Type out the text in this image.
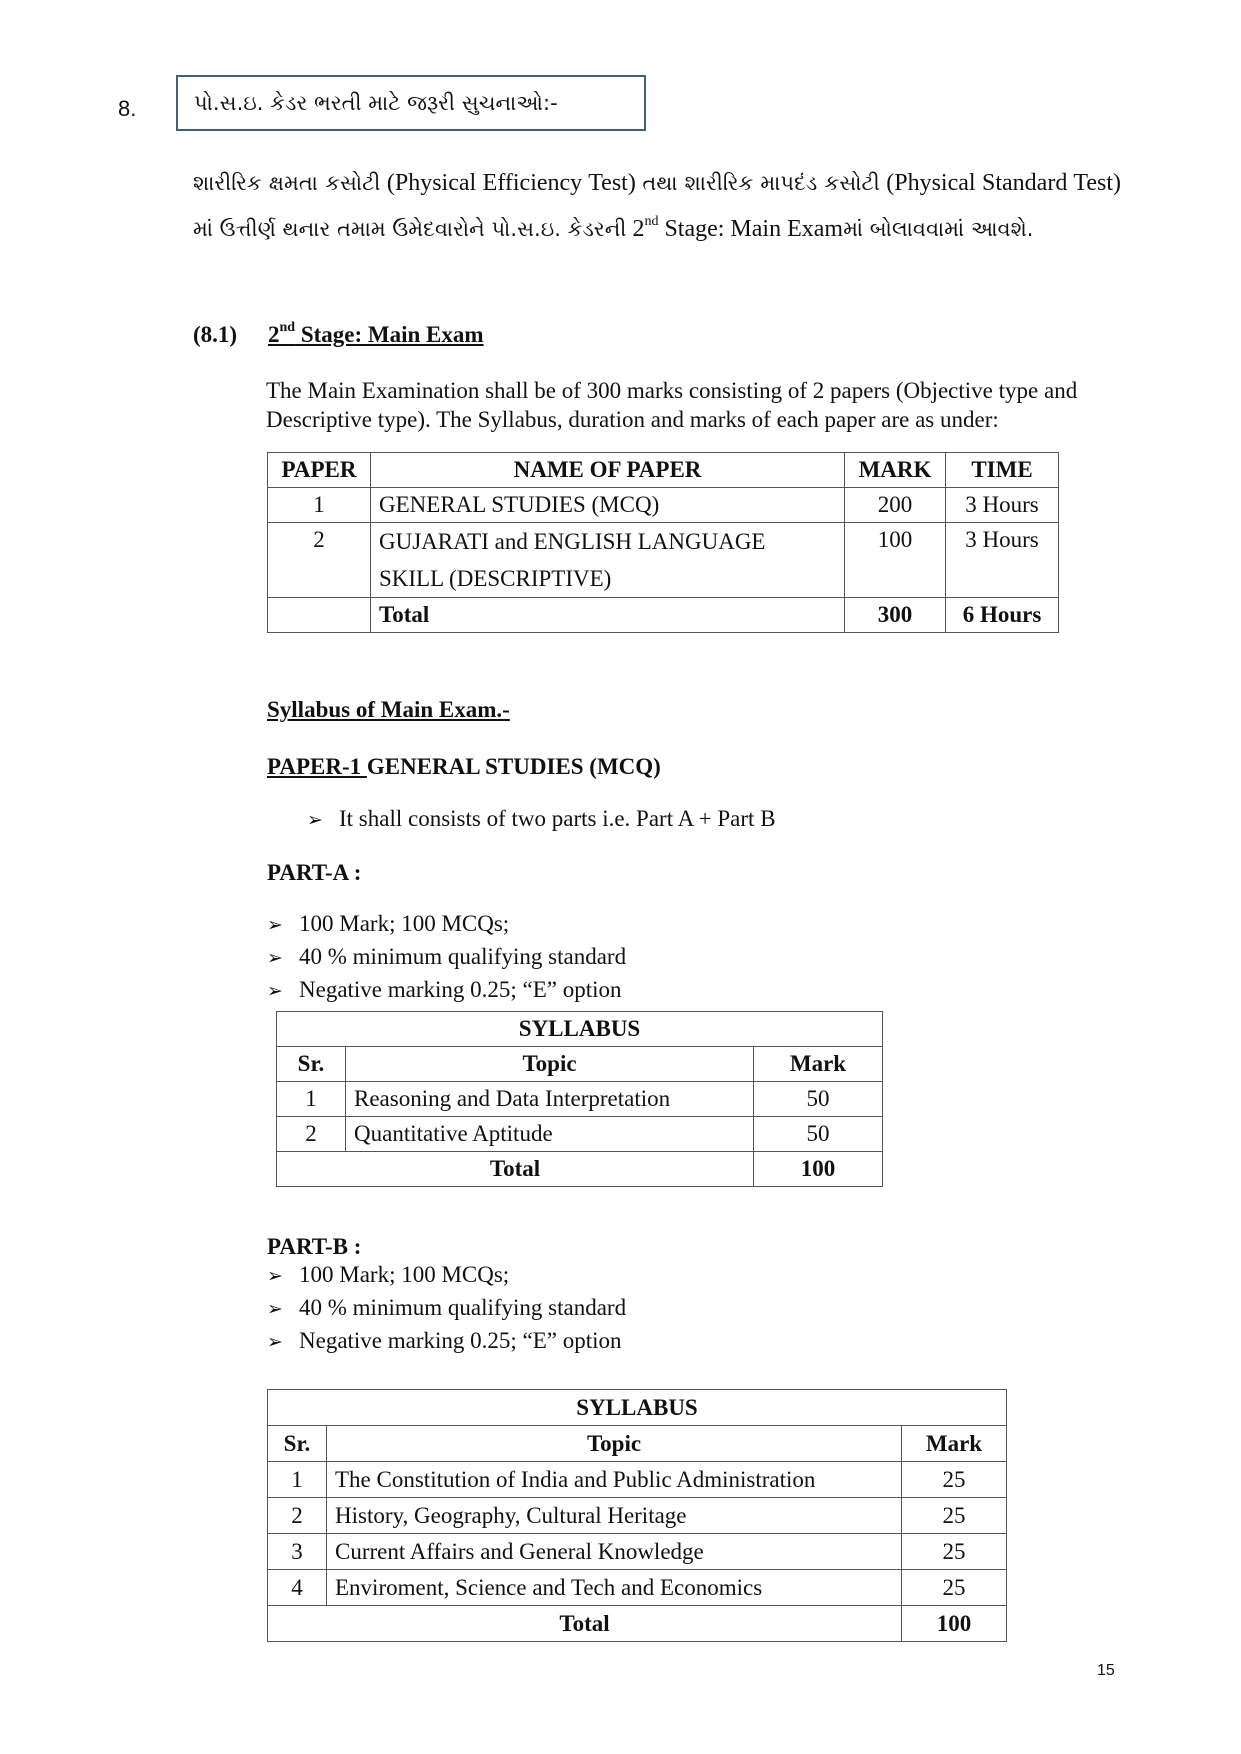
8.	પો.સ.ઇ. કેડર ભરતી માટે જરૂરી સુચનાઓ:-
શારીરિક ક્ષમતા કસોટી (Physical Efficiency Test) તથા શારીરિક માપદંડ કસોટી (Physical Standard Test) માં ઉત્તીર્ણ થનાર તમામ ઉમેદવારોને પો.સ.ઇ. કેડરની 2nd Stage: Main Examમાં બોલાવવામાં આવશે.
(8.1) 2nd Stage: Main Exam
The Main Examination shall be of 300 marks consisting of 2 papers (Objective type and Descriptive type). The Syllabus, duration and marks of each paper are as under:
PAPER	NAME OF PAPER	MARK	TIME
1	GENERAL STUDIES (MCQ)	200	3 Hours
2	GUJARATI and ENGLISH LANGUAGE SKILL (DESCRIPTIVE)	100	3 Hours
	Total	300	6 Hours
Syllabus of Main Exam.-
PAPER-1 GENERAL STUDIES (MCQ)
➢ It shall consists of two parts i.e. Part A + Part B
PART-A :
➢ 100 Mark; 100 MCQs;
➢ 40 % minimum qualifying standard
➢ Negative marking 0.25; “E” option
SYLLABUS		
Sr.	Topic	Mark
1	Reasoning and Data Interpretation	50
2	Quantitative Aptitude	50
Total		100
PART-B :
➢ 100 Mark; 100 MCQs;
➢ 40 % minimum qualifying standard
➢ Negative marking 0.25; “E” option
SYLLABUS		
Sr.	Topic	Mark
1	The Constitution of India and Public Administration	25
2	History, Geography, Cultural Heritage	25
3	Current Affairs and General Knowledge	25
4	Enviroment, Science and Tech and Economics	25
Total		100
15
